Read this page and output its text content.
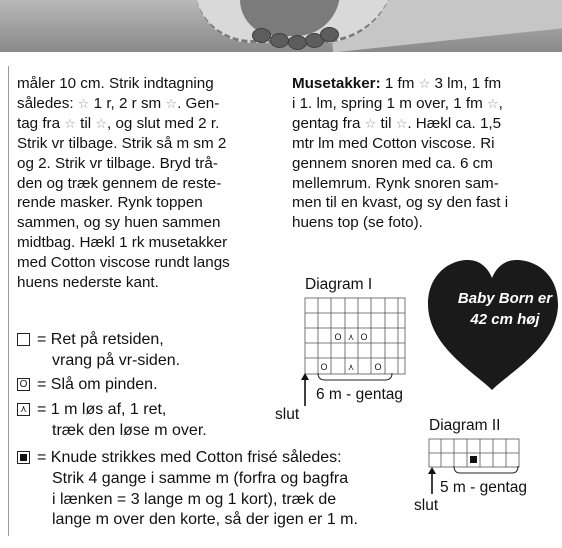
måler 10 cm. Strik indtagning

således: ☆ 1 r, 2 r sm ☆. Gen-

tag fra ☆ til ☆, og slut med 2 r.

Strik vr tilbage. Strik så m sm 2

og 2. Strik vr tilbage. Bryd trå-

den og træk gennem de reste-

rende masker. Rynk toppen

sammen, og sy huen sammen

midtbag. Hækl 1 rk musetakker

med Cotton viscose rundt langs

huens nederste kant.

Musetakker: 1 fm ☆ 3 lm, 1 fm

i 1. lm, spring 1 m over, 1 fm ☆,

gentag fra ☆ til ☆. Hækl ca. 1,5

mtr lm med Cotton viscose. Ri

gennem snoren med ca. 6 cm

mellemrum. Rynk snoren sam-

men til en kvast, og sy den fast i

huens top (se foto).

Diagram I
O ⋏ O
O ⋏ O
6 m - gentag
slut
Baby Born er
42 cm høj
Diagram II
5 m - gentag
slut
= Ret på retsiden,
vrang på vr-siden.
O = Slå om pinden.
⋏ = 1 m løs af, 1 ret,
træk den løse m over.
= Knude strikkes med Cotton frisé således:
Strik 4 gange i samme m (forfra og bagfra
i lænken = 3 lange m og 1 kort), træk de
lange m over den korte, så der igen er 1 m.
